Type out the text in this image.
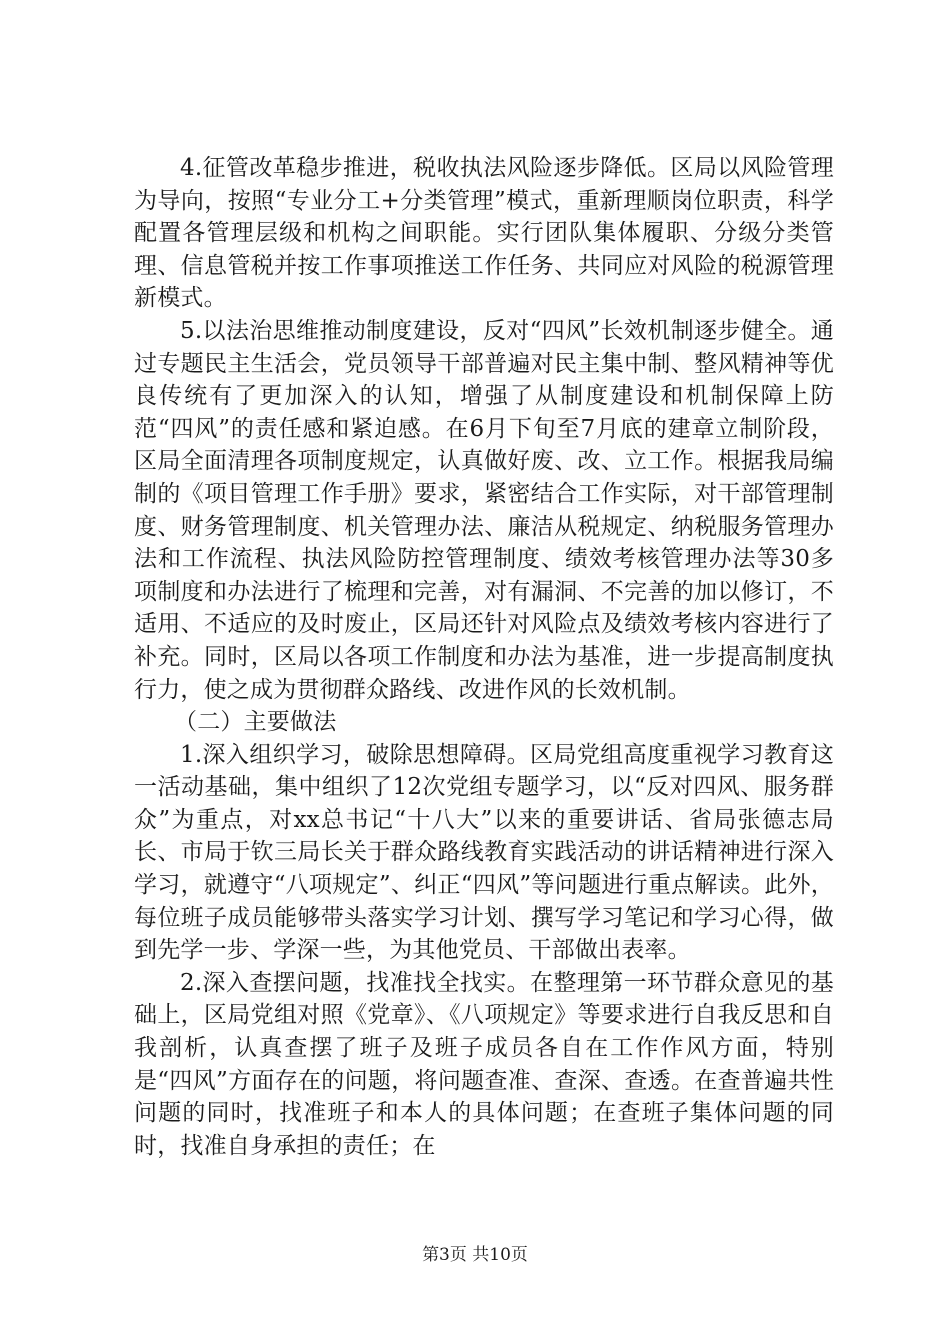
4.征管改革稳步推进，税收执法风险逐步降低。区局以风险管理为导向，按照“专业分工+分类管理”模式，重新理顺岗位职责，科学配置各管理层级和机构之间职能。实行团队集体履职、分级分类管理、信息管税并按工作事项推送工作任务、共同应对风险的税源管理新模式。

5.以法治思维推动制度建设，反对“四风”长效机制逐步健全。通过专题民主生活会，党员领导干部普遍对民主集中制、整风精神等优良传统有了更加深入的认知，增强了从制度建设和机制保障上防范“四风”的责任感和紧迫感。在6月下旬至7月底的建章立制阶段，区局全面清理各项制度规定，认真做好废、改、立工作。根据我局编制的《项目管理工作手册》要求，紧密结合工作实际，对干部管理制度、财务管理制度、机关管理办法、廉洁从税规定、纳税服务管理办法和工作流程、执法风险防控管理制度、绩效考核管理办法等30多项制度和办法进行了梳理和完善，对有漏洞、不完善的加以修订，不适用、不适应的及时废止，区局还针对风险点及绩效考核内容进行了补充。同时，区局以各项工作制度和办法为基准，进一步提高制度执行力，使之成为贯彻群众路线、改进作风的长效机制。

（二）主要做法

1.深入组织学习，破除思想障碍。区局党组高度重视学习教育这一活动基础，集中组织了12次党组专题学习，以“反对四风、服务群众”为重点，对xx总书记“十八大”以来的重要讲话、省局张德志局长、市局于钦三局长关于群众路线教育实践活动的讲话精神进行深入学习，就遵守“八项规定”、纠正“四风”等问题进行重点解读。此外，每位班子成员能够带头落实学习计划、撰写学习笔记和学习心得，做到先学一步、学深一些，为其他党员、干部做出表率。

2.深入查摆问题，找准找全找实。在整理第一环节群众意见的基础上，区局党组对照《党章》、《八项规定》等要求进行自我反思和自我剖析，认真查摆了班子及班子成员各自在工作作风方面，特别是“四风”方面存在的问题，将问题查准、查深、查透。在查普遍共性问题的同时，找准班子和本人的具体问题；在查班子集体问题的同时，找准自身承担的责任；在

第3页 共10页
